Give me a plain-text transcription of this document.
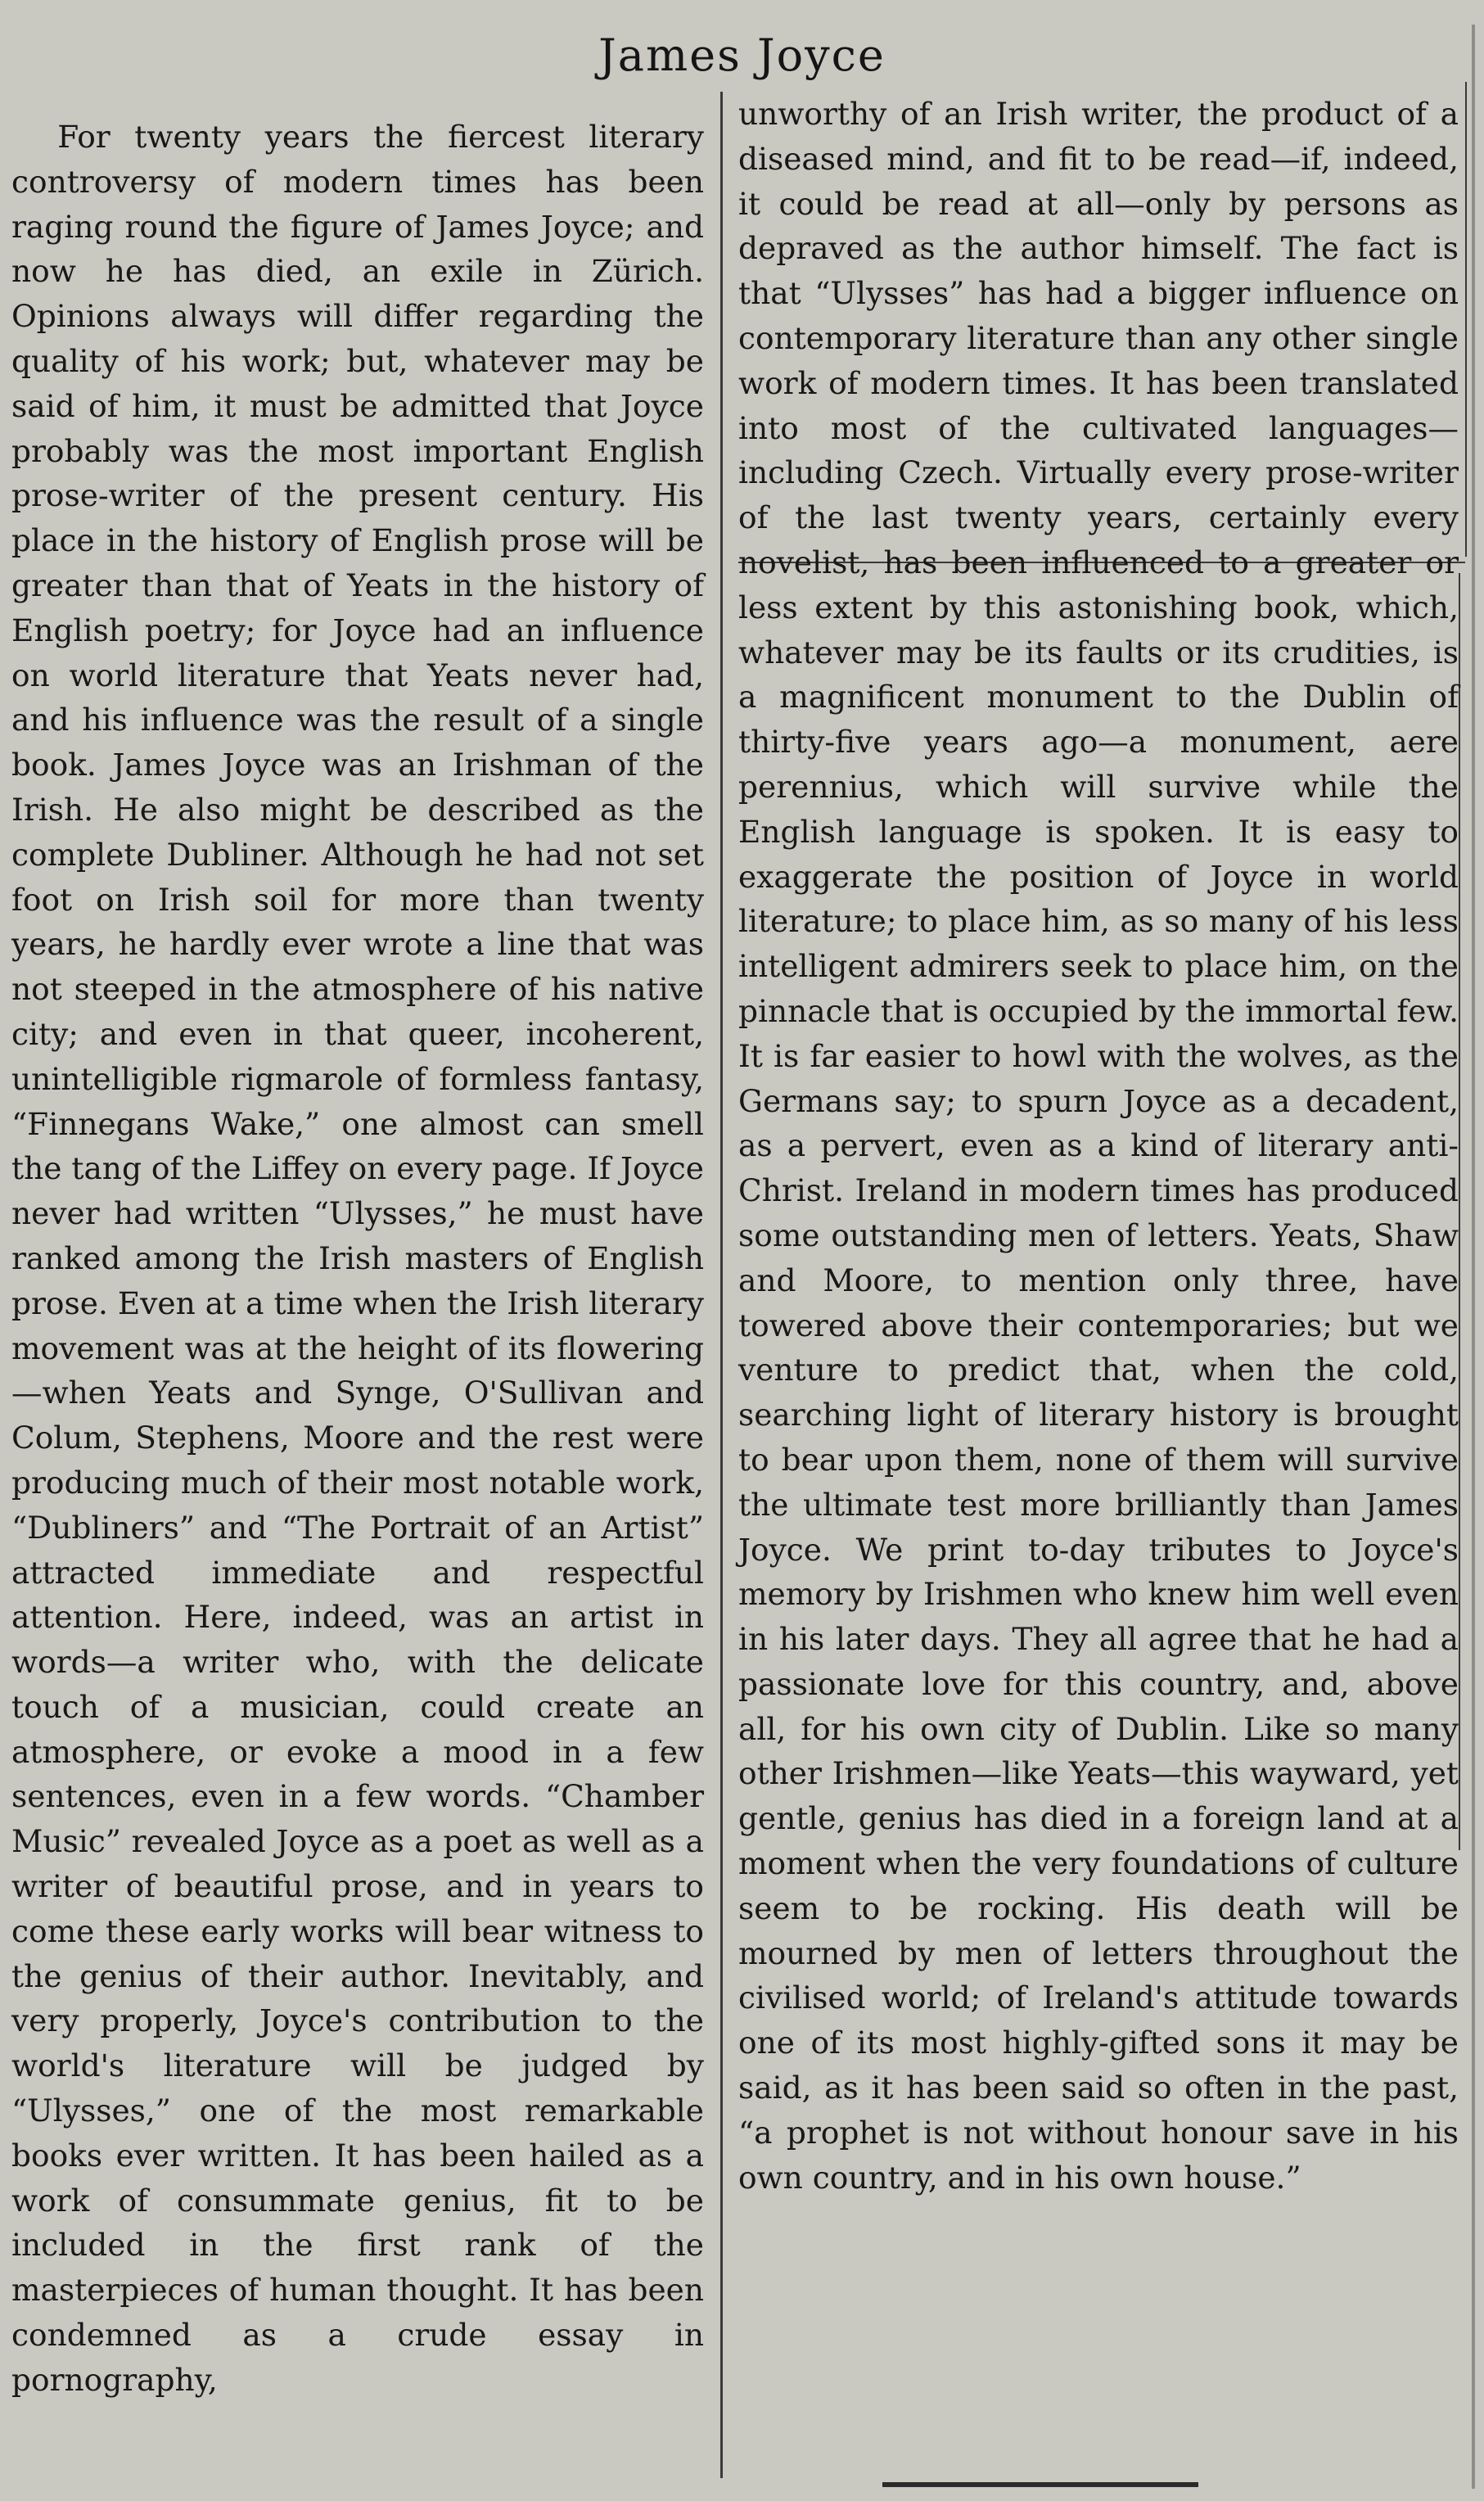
James Joyce

For twenty years the fiercest literary controversy of modern times has been raging round the figure of James Joyce; and now he has died, an exile in Zürich. Opinions always will differ regarding the quality of his work; but, whatever may be said of him, it must be admitted that Joyce probably was the most important English prose-writer of the present century. His place in the history of English prose will be greater than that of Yeats in the history of English poetry; for Joyce had an influence on world literature that Yeats never had, and his influence was the result of a single book. James Joyce was an Irishman of the Irish. He also might be described as the complete Dubliner. Although he had not set foot on Irish soil for more than twenty years, he hardly ever wrote a line that was not steeped in the atmosphere of his native city; and even in that queer, incoherent, unintelligible rigmarole of formless fantasy, “Finnegans Wake,” one almost can smell the tang of the Liffey on every page. If Joyce never had written “Ulysses,” he must have ranked among the Irish masters of English prose. Even at a time when the Irish literary movement was at the height of its flowering—when Yeats and Synge, O'Sullivan and Colum, Stephens, Moore and the rest were producing much of their most notable work, “Dubliners” and “The Portrait of an Artist” attracted immediate and respectful attention. Here, indeed, was an artist in words—a writer who, with the delicate touch of a musician, could create an atmosphere, or evoke a mood in a few sentences, even in a few words. “Chamber Music” revealed Joyce as a poet as well as a writer of beautiful prose, and in years to come these early works will bear witness to the genius of their author. Inevitably, and very properly, Joyce's contribution to the world's literature will be judged by “Ulysses,” one of the most remarkable books ever written. It has been hailed as a work of consummate genius, fit to be included in the first rank of the masterpieces of human thought. It has been condemned as a crude essay in pornography,

unworthy of an Irish writer, the product of a diseased mind, and fit to be read—if, indeed, it could be read at all—only by persons as depraved as the author himself. The fact is that “Ulysses” has had a bigger influence on contemporary literature than any other single work of modern times. It has been translated into most of the cultivated languages—including Czech. Virtually every prose-writer of the last twenty years, certainly every novelist, has been influenced to a greater or less extent by this astonishing book, which, whatever may be its faults or its crudities, is a magnificent monument to the Dublin of thirty-five years ago—a monument, aere perennius, which will survive while the English language is spoken. It is easy to exaggerate the position of Joyce in world literature; to place him, as so many of his less intelligent admirers seek to place him, on the pinnacle that is occupied by the immortal few. It is far easier to howl with the wolves, as the Germans say; to spurn Joyce as a decadent, as a pervert, even as a kind of literary anti-Christ. Ireland in modern times has produced some outstanding men of letters. Yeats, Shaw and Moore, to mention only three, have towered above their contemporaries; but we venture to predict that, when the cold, searching light of literary history is brought to bear upon them, none of them will survive the ultimate test more brilliantly than James Joyce. We print to-day tributes to Joyce's memory by Irishmen who knew him well even in his later days. They all agree that he had a passionate love for this country, and, above all, for his own city of Dublin. Like so many other Irishmen—like Yeats—this wayward, yet gentle, genius has died in a foreign land at a moment when the very foundations of culture seem to be rocking. His death will be mourned by men of letters throughout the civilised world; of Ireland's attitude towards one of its most highly-gifted sons it may be said, as it has been said so often in the past, “a prophet is not without honour save in his own country, and in his own house.”
